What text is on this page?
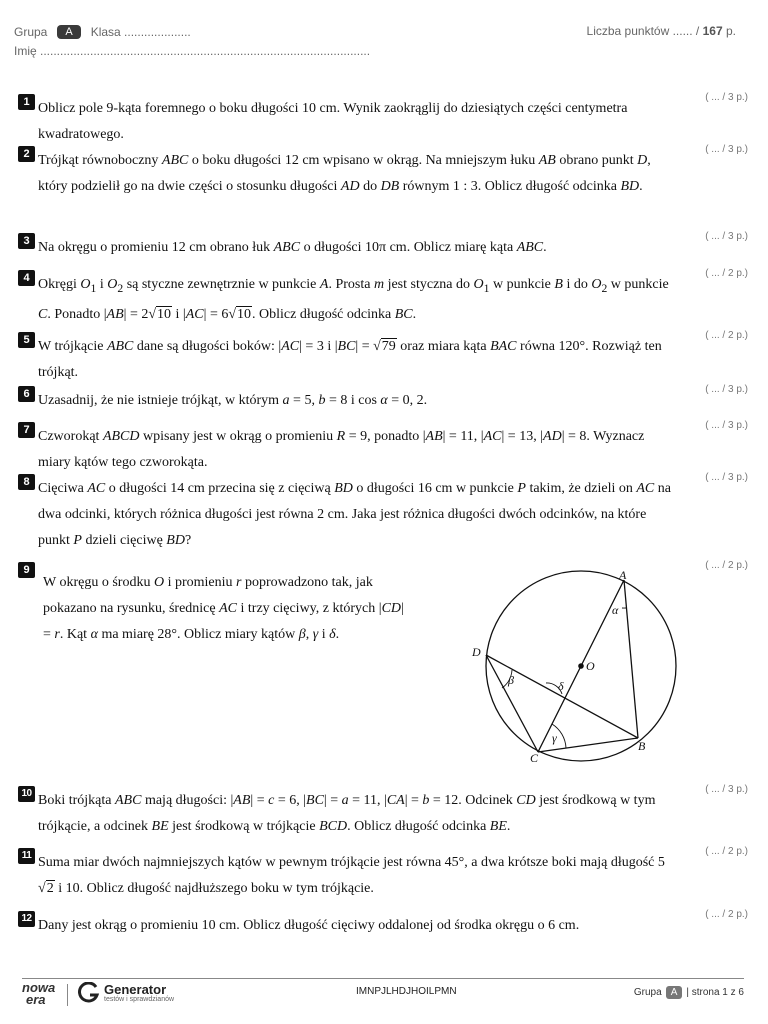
Grupa	A	Klasa ....................
Imię ...................................................................................................
Liczba punktów ...... / 167 p.
1 Oblicz pole 9-kąta foremnego o boku długości 10 cm. Wynik zaokrąglij do dziesiątych części centymetra kwadratowego.
( ... / 3 p.)
2 Trójkąt równoboczny ABC o boku długości 12 cm wpisano w okrąg. Na mniejszym łuku AB obrano punkt D, który podzielił go na dwie części o stosunku długości AD do DB równym 1 : 3. Oblicz długość odcinka BD.
( ... / 3 p.)
3 Na okręgu o promieniu 12 cm obrano łuk ABC o długości 10π cm. Oblicz miarę kąta ABC.
( ... / 3 p.)
4 Okręgi $O_1$ i $O_2$ są styczne zewnętrznie w punkcie A. Prosta m jest styczna do $O_1$ w punkcie B i do $O_2$ w punkcie C. Ponadto |AB| = 2√10 i |AC| = 6√10. Oblicz długość odcinka BC.
( ... / 2 p.)
5 W trójkącie ABC dane są długości boków: |AC| = 3 i |BC| = √79 oraz miara kąta BAC równa 120°. Rozwiąż ten trójkąt.
( ... / 2 p.)
6 Uzasadnij, że nie istnieje trójkąt, w którym a = 5, b = 8 i cos α = 0, 2.
( ... / 3 p.)
7 Czworokąt ABCD wpisany jest w okrąg o promieniu R = 9, ponadto |AB| = 11, |AC| = 13, |AD| = 8. Wyznacz miary kątów tego czworokąta.
( ... / 3 p.)
8 Cięciwa AC o długości 14 cm przecina się z cięciwą BD o długości 16 cm w punkcie P takim, że dzieli on AC na dwa odcinki, których różnica długości jest równa 2 cm. Jaka jest różnica długości dwóch odcinków, na które punkt P dzieli cięciwę BD?
( ... / 3 p.)
9
W okręgu o środku O i promieniu r poprowadzono tak, jak pokazano na rysunku, średnicę AC i trzy cięciwy, z których |CD| = r. Kąt α ma miarę 28°. Oblicz miary kątów β, γ i δ.
( ... / 2 p.)
A
B
C
D
O
α
β
γ
δ
10 Boki trójkąta ABC mają długości: |AB| = c = 6, |BC| = a = 11, |CA| = b = 12. Odcinek CD jest środkową w tym trójkącie, a odcinek BE jest środkową w trójkącie BCD. Oblicz długość odcinka BE.
( ... / 3 p.)
11 Suma miar dwóch najmniejszych kątów w pewnym trójkącie jest równa 45°, a dwa krótsze boki mają długość 5√2 i 10. Oblicz długość najdłuższego boku w tym trójkącie.
( ... / 2 p.)
12 Dany jest okrąg o promieniu 10 cm. Oblicz długość cięciwy oddalonej od środka okręgu o 6 cm.
( ... / 2 p.)
nowa
era
Generator
testów i sprawdzianów
IMNPJLHDJHOILPMN	Grupa A | strona 1 z 6
